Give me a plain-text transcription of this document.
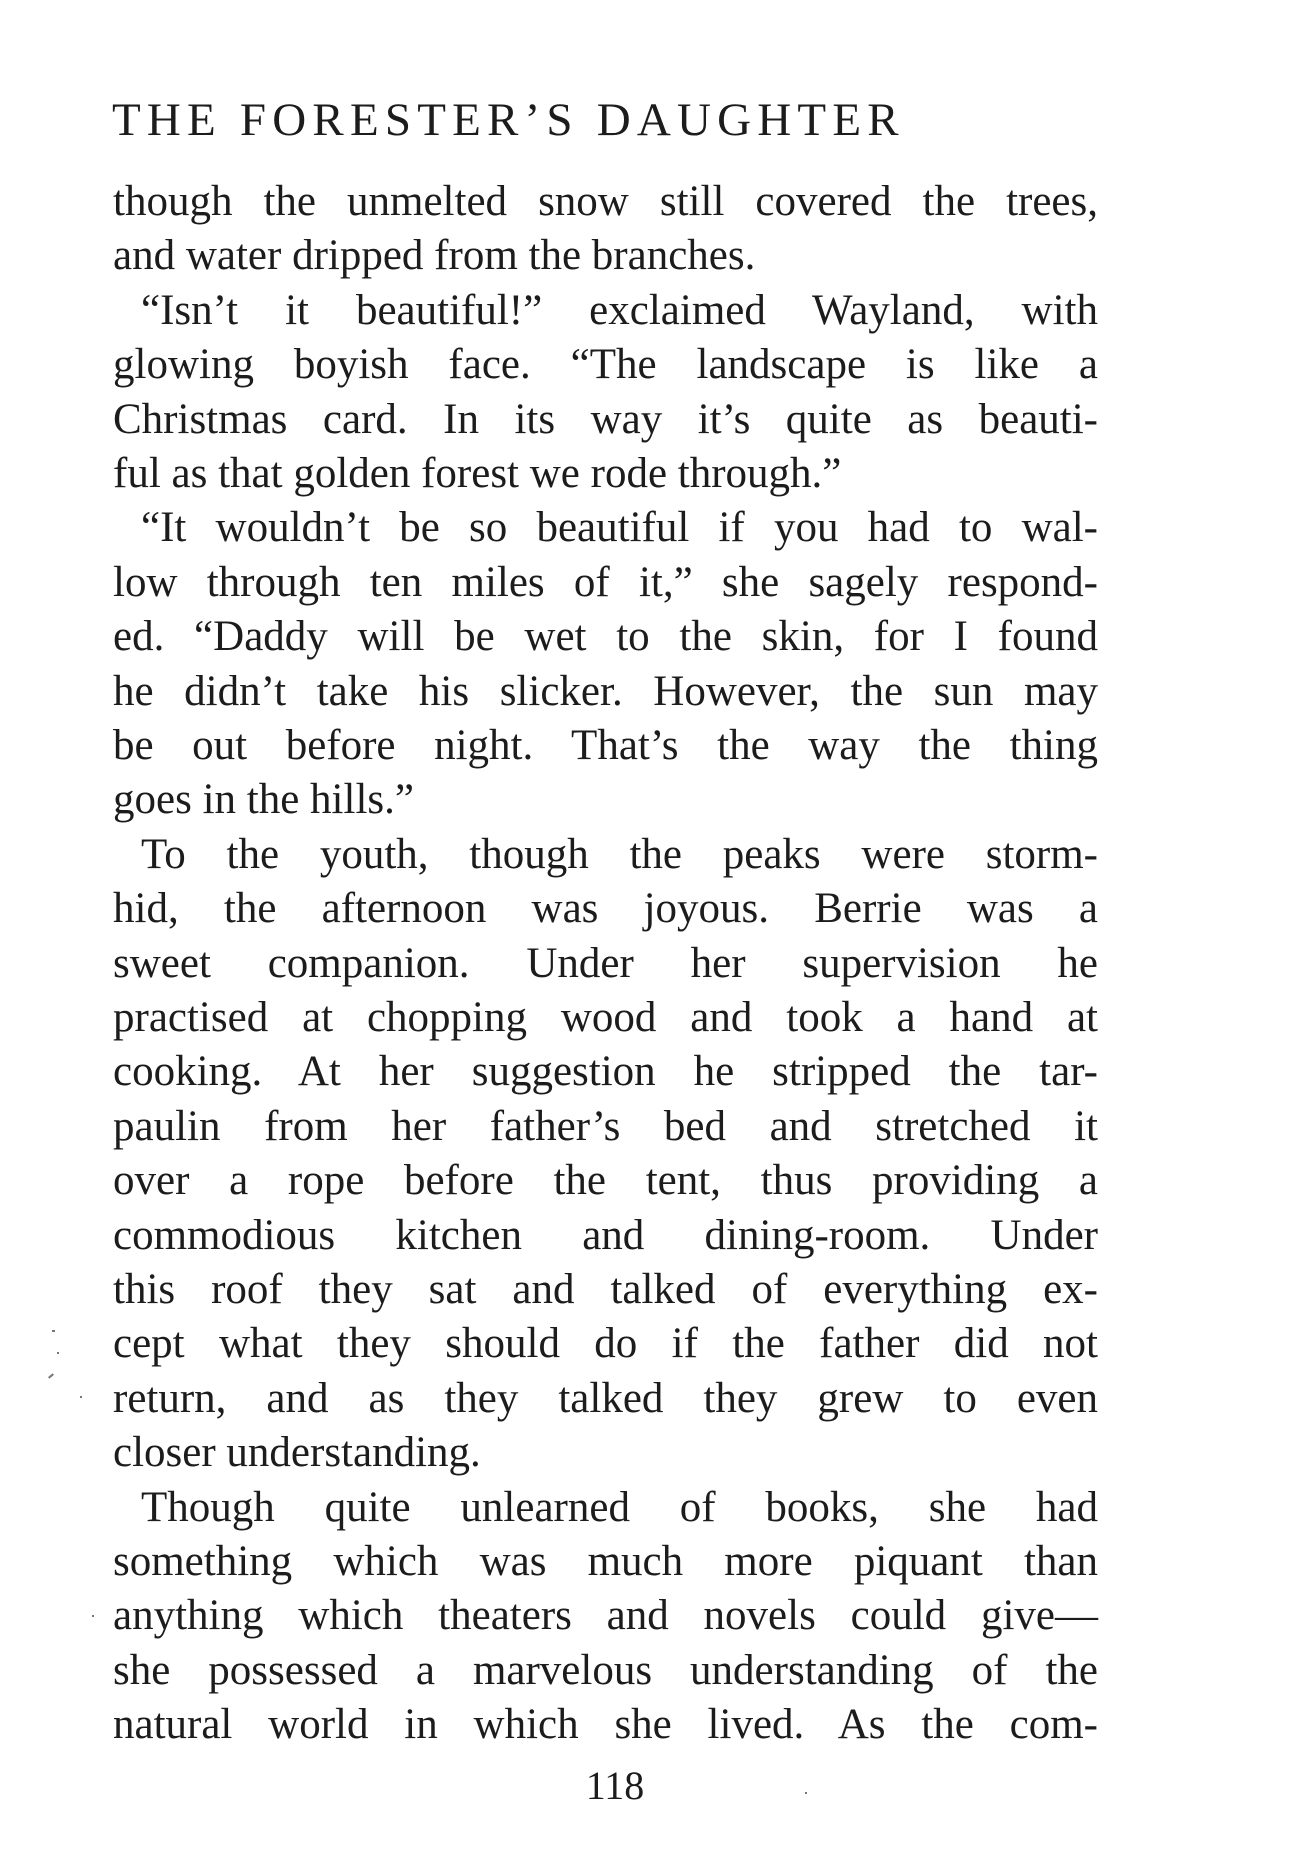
THE FORESTER’S DAUGHTER
though the unmelted snow still covered the trees,
and water dripped from the branches.
“Isn’t it beautiful!” exclaimed Wayland, with
glowing boyish face. “The landscape is like a
Christmas card. In its way it’s quite as beauti-
ful as that golden forest we rode through.”
“It wouldn’t be so beautiful if you had to wal-
low through ten miles of it,” she sagely respond-
ed. “Daddy will be wet to the skin, for I found
he didn’t take his slicker. However, the sun may
be out before night. That’s the way the thing
goes in the hills.”
To the youth, though the peaks were storm-
hid, the afternoon was joyous. Berrie was a
sweet companion. Under her supervision he
practised at chopping wood and took a hand at
cooking. At her suggestion he stripped the tar-
paulin from her father’s bed and stretched it
over a rope before the tent, thus providing a
commodious kitchen and dining-room. Under
this roof they sat and talked of everything ex-
cept what they should do if the father did not
return, and as they talked they grew to even
closer understanding.
Though quite unlearned of books, she had
something which was much more piquant than
anything which theaters and novels could give—
she possessed a marvelous understanding of the
natural world in which she lived. As the com-
118
